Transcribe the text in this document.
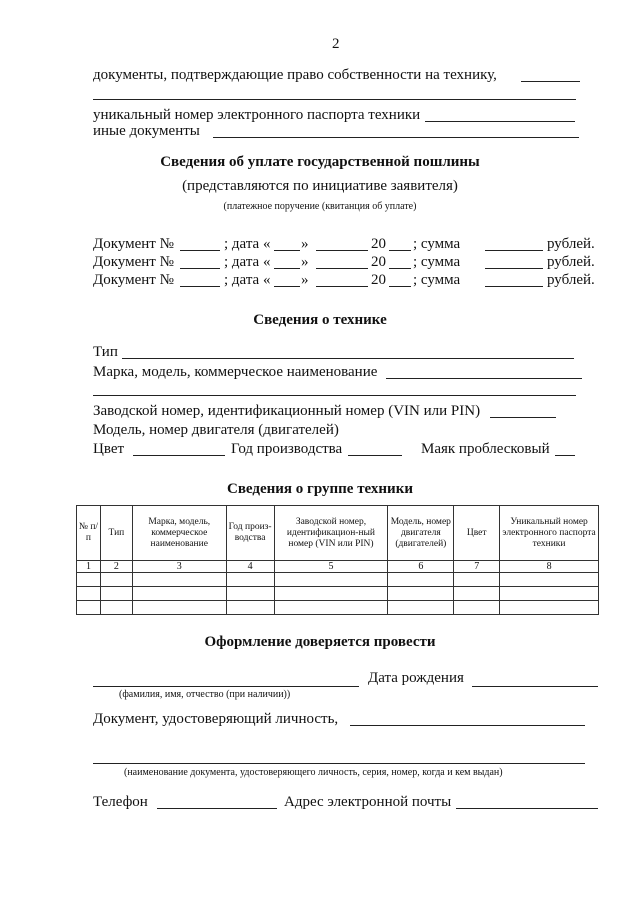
2
документы, подтверждающие право собственности на технику,
уникальный номер электронного паспорта техники
иные документы
Сведения об уплате государственной пошлины
(представляются по инициативе заявителя)
(платежное поручение (квитанция об уплате)
Документ №	; дата « »	20 ; сумма	рублей.
Документ №	; дата « »	20 ; сумма	рублей.
Документ №	; дата « »	20 ; сумма	рублей.
Сведения о технике
Тип
Марка, модель, коммерческое наименование
Заводской номер, идентификационный номер (VIN или PIN)
Модель, номер двигателя (двигателей)
Цвет	Год производства	Маяк проблесковый
Сведения о группе техники
№ п/п	Тип	Марка, модель, коммерческое наименование	Год произ-водства	Заводской номер, идентификацион-ный номер (VIN или PIN)	Модель, номер двигателя (двигателей)	Цвет	Уникальный номер электронного паспорта техники
1	2	3	4	5	6	7	8

Оформление доверяется провести
Дата рождения
(фамилия, имя, отчество (при наличии))
Документ, удостоверяющий личность,
(наименование документа, удостоверяющего личность, серия, номер, когда и кем выдан)
Телефон	Адрес электронной почты
